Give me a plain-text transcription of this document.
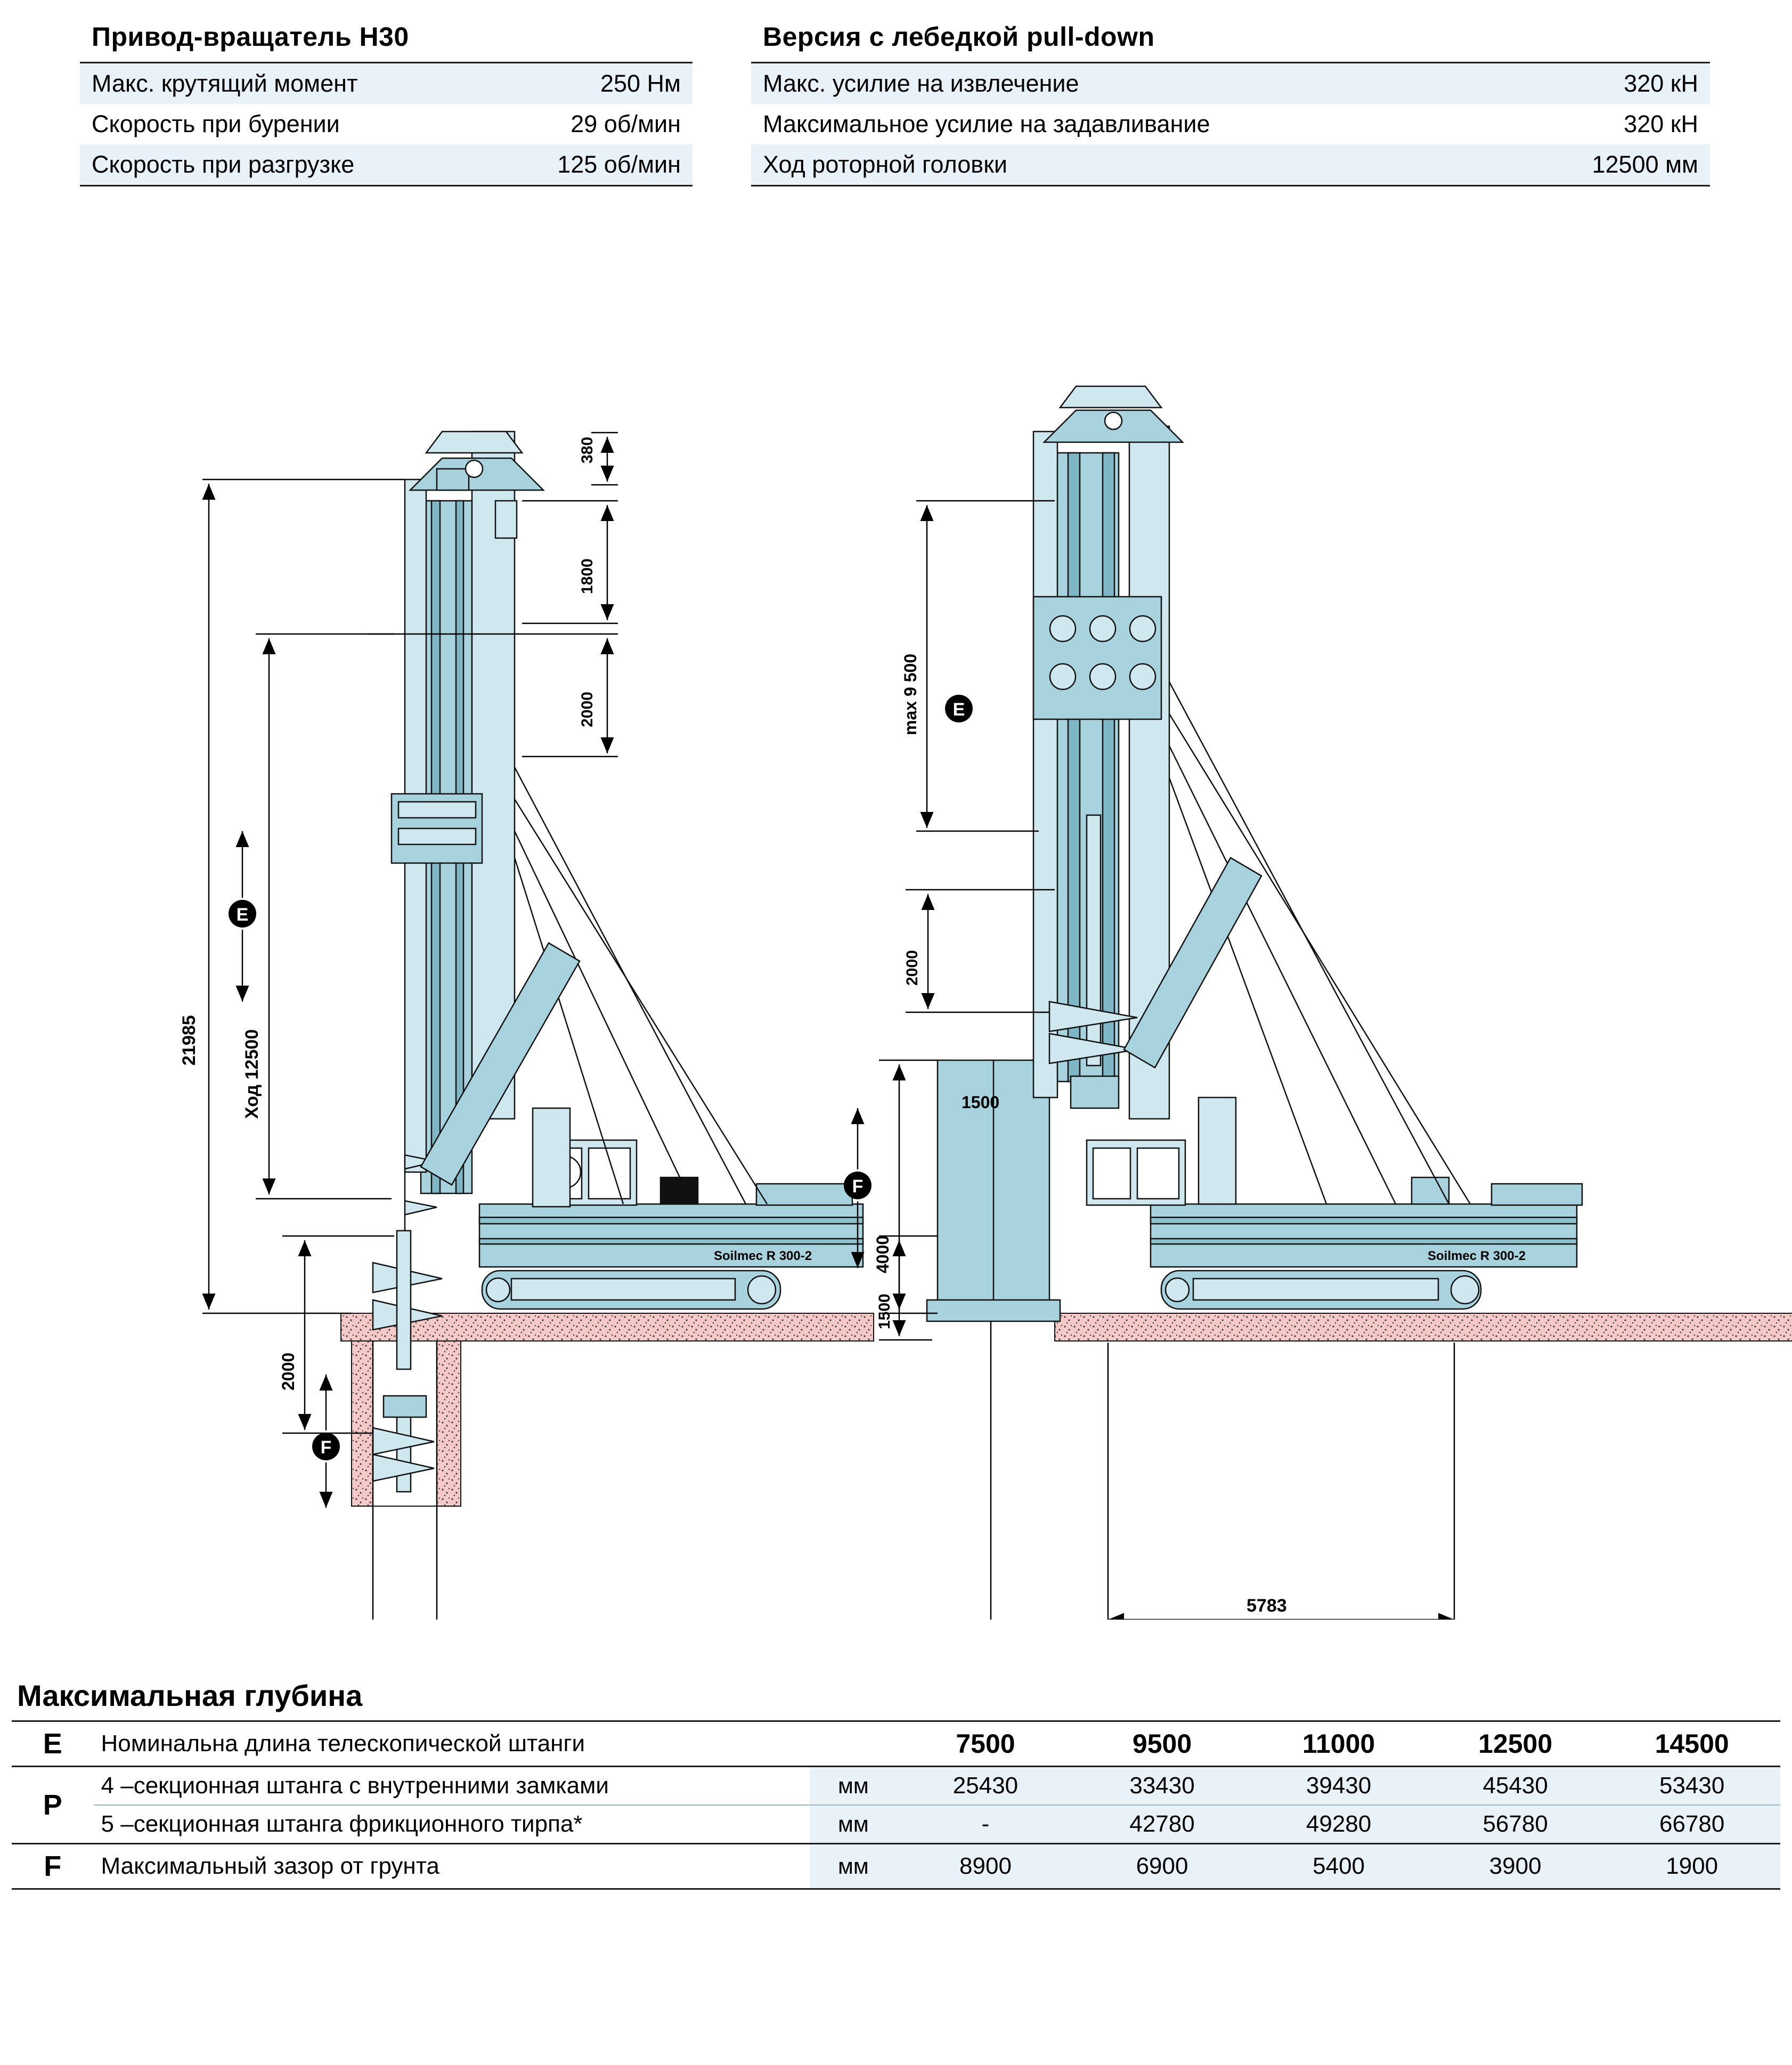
Привод-вращатель H30
Макс. крутящий момент	250 Нм
Скорость при бурении	29 об/мин
Скорость при разгрузке	125 об/мин
Версия с лебедкой pull-down
Макс. усилие на извлечение	320 кН
Максимальное усилие на задавливание	320 кН
Ход роторной головки	12500 мм
380
1800
2000
21985 Ход 12500
E
2000
F
Soilmec R 300-2
max 9 500 E
2000
4000
F
1500
1500
5783
Soilmec R 300-2
Максимальная глубина
E	Номинальна длина телескопической штанги		7500	9500	11000	12500	14500
P	4 –секционная штанга с внутренними замками	мм	25430	33430	39430	45430	53430
	5 –секционная штанга фрикционного тирпа*	мм	-	42780	49280	56780	66780
F	Максимальный зазор от грунта	мм	8900	6900	5400	3900	1900
